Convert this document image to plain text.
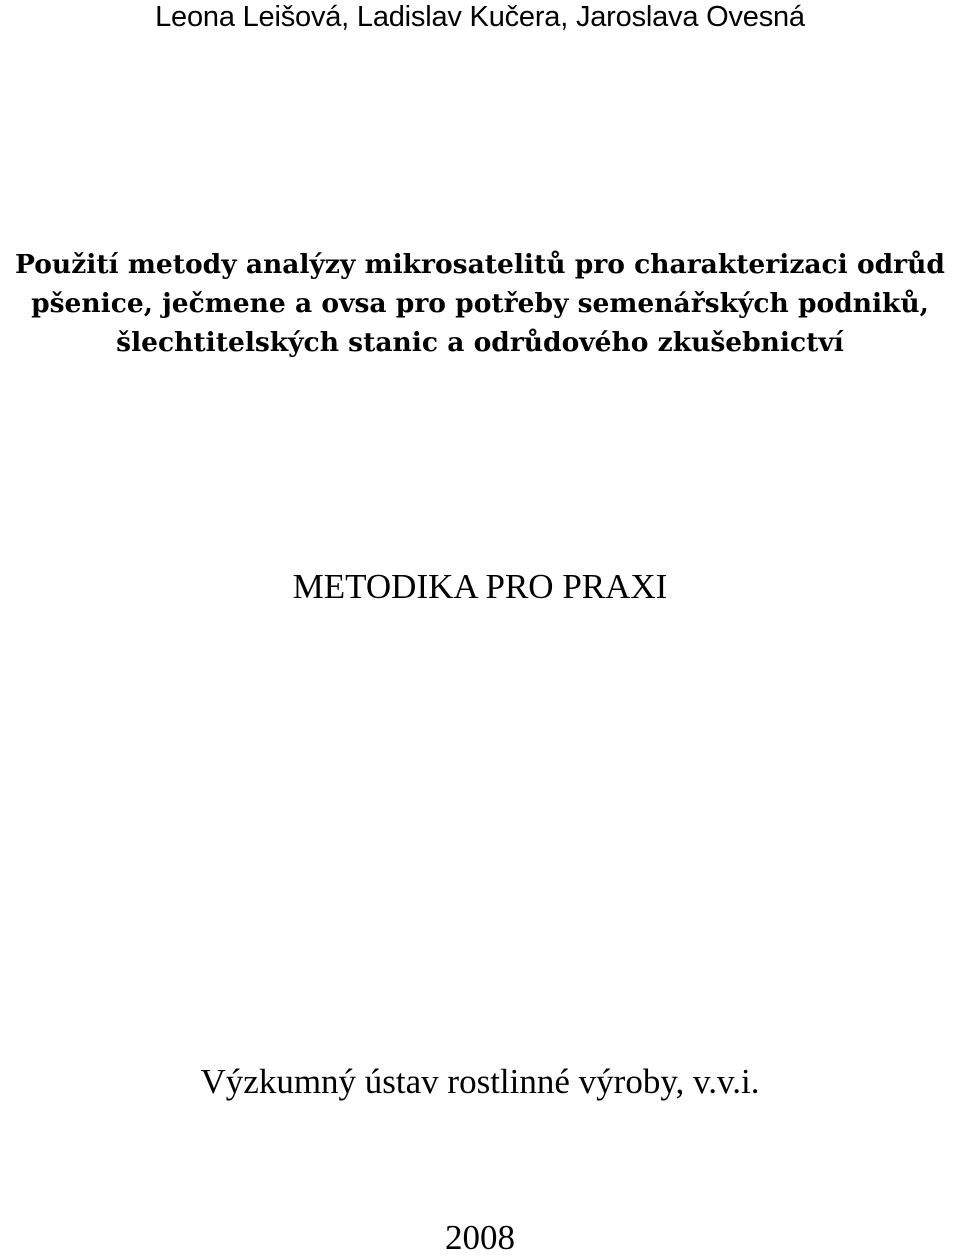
Leona Leišová, Ladislav Kučera, Jaroslava Ovesná
Použití metody analýzy mikrosatelitů pro charakterizaci odrůd
pšenice, ječmene a ovsa pro potřeby semenářských podniků,
šlechtitelských stanic a odrůdového zkušebnictví
METODIKA PRO PRAXI
Výzkumný ústav rostlinné výroby, v.v.i.
2008
